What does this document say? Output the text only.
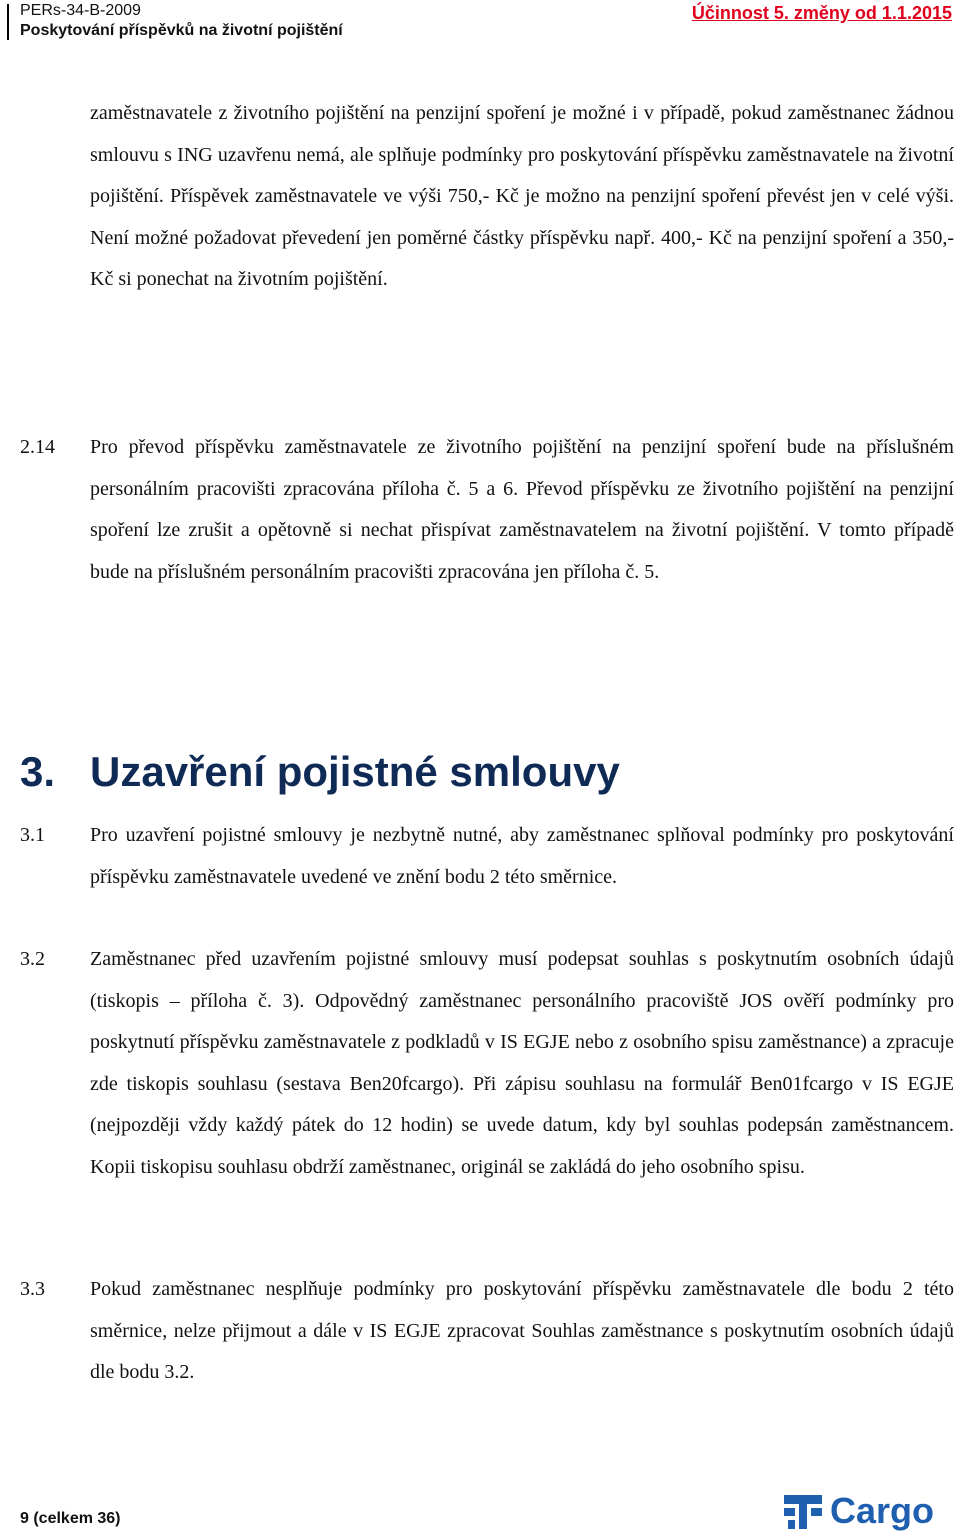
PERs-34-B-2009
Poskytování příspěvků na životní pojištění
Účinnost 5. změny od 1.1.2015
zaměstnavatele z životního pojištění na penzijní spoření je možné i v případě, pokud zaměstnanec žádnou smlouvu s ING uzavřenu nemá, ale splňuje podmínky pro poskytování příspěvku zaměstnavatele na životní pojištění. Příspěvek zaměstnavatele ve výši 750,- Kč je možno na penzijní spoření převést jen v celé výši. Není možné požadovat převedení jen poměrné částky příspěvku např. 400,- Kč na penzijní spoření a 350,- Kč si ponechat na životním pojištění.
2.14 Pro převod příspěvku zaměstnavatele ze životního pojištění na penzijní spoření bude na příslušném personálním pracovišti zpracována příloha č. 5 a 6. Převod příspěvku ze životního pojištění na penzijní spoření lze zrušit a opětovně si nechat přispívat zaměstnavatelem na životní pojištění. V tomto případě bude na příslušném personálním pracovišti zpracována jen příloha č. 5.
3. Uzavření pojistné smlouvy
3.1 Pro uzavření pojistné smlouvy je nezbytně nutné, aby zaměstnanec splňoval podmínky pro poskytování příspěvku zaměstnavatele uvedené ve znění bodu 2 této směrnice.
3.2 Zaměstnanec před uzavřením pojistné smlouvy musí podepsat souhlas s poskytnutím osobních údajů (tiskopis – příloha č. 3). Odpovědný zaměstnanec personálního pracoviště JOS ověří podmínky pro poskytnutí příspěvku zaměstnavatele z podkladů v IS EGJE nebo z osobního spisu zaměstnance) a zpracuje zde tiskopis souhlasu (sestava Ben20fcargo). Při zápisu souhlasu na formulář Ben01fcargo v IS EGJE (nejpozději vždy každý pátek do 12 hodin) se uvede datum, kdy byl souhlas podepsán zaměstnancem. Kopii tiskopisu souhlasu obdrží zaměstnanec, originál se zakládá do jeho osobního spisu.
3.3 Pokud zaměstnanec nesplňuje podmínky pro poskytování příspěvku zaměstnavatele dle bodu 2 této směrnice, nelze přijmout a dále v IS EGJE zpracovat Souhlas zaměstnance s poskytnutím osobních údajů dle bodu 3.2.
9 (celkem 36)	Cargo
